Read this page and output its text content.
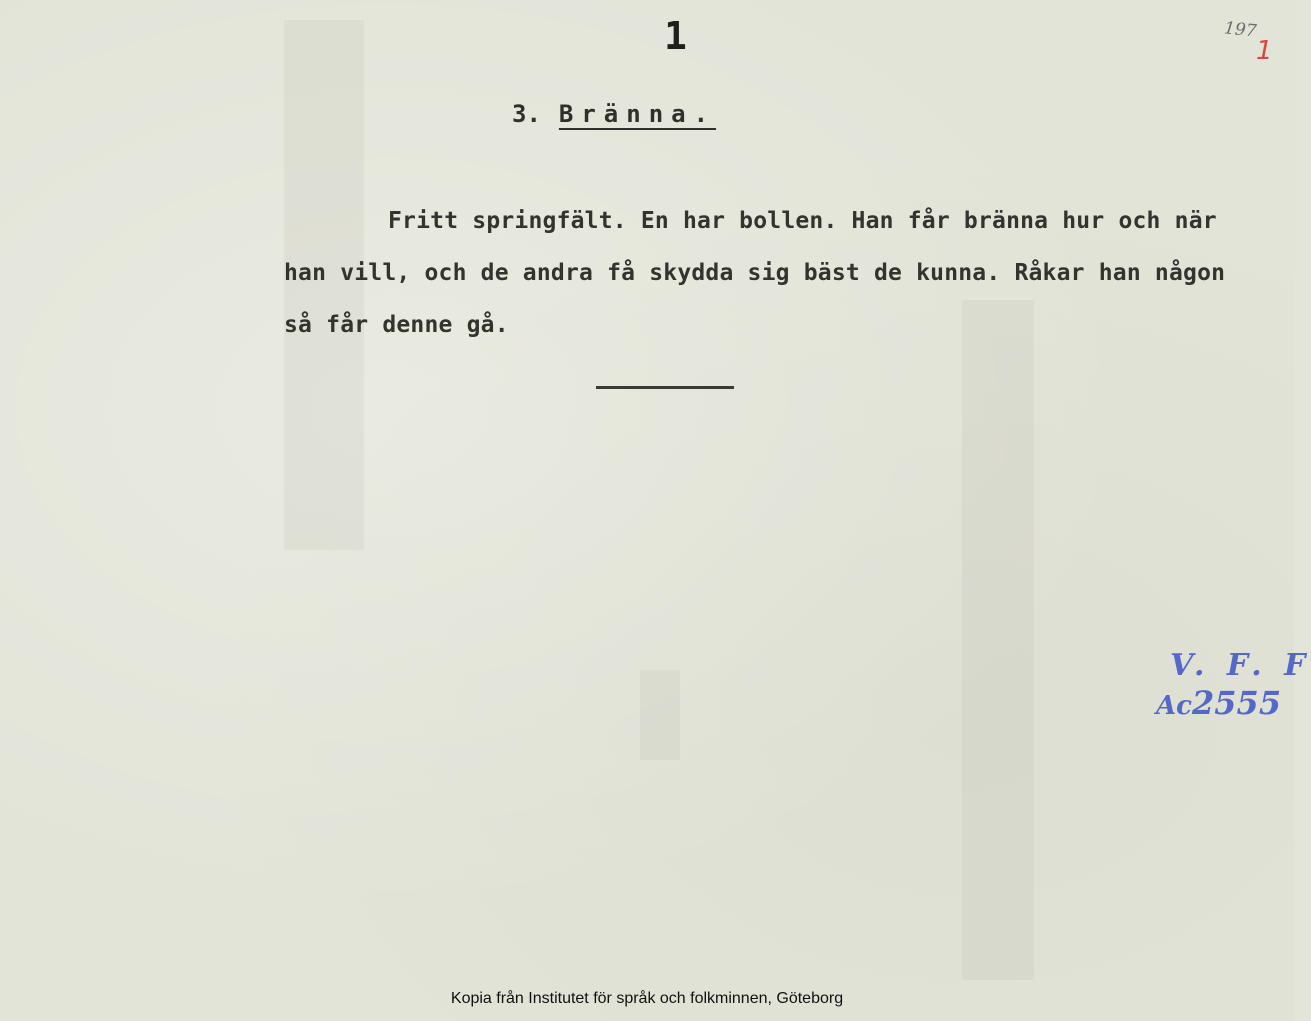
1	197
1
3. Bränna.
Fritt springfält. En har bollen. Han får bränna hur och när
han vill, och de andra få skydda sig bäst de kunna. Råkar han någon
så får denne gå.
V. F. F
Ac2555
Kopia från Institutet för språk och folkminnen, Göteborg
